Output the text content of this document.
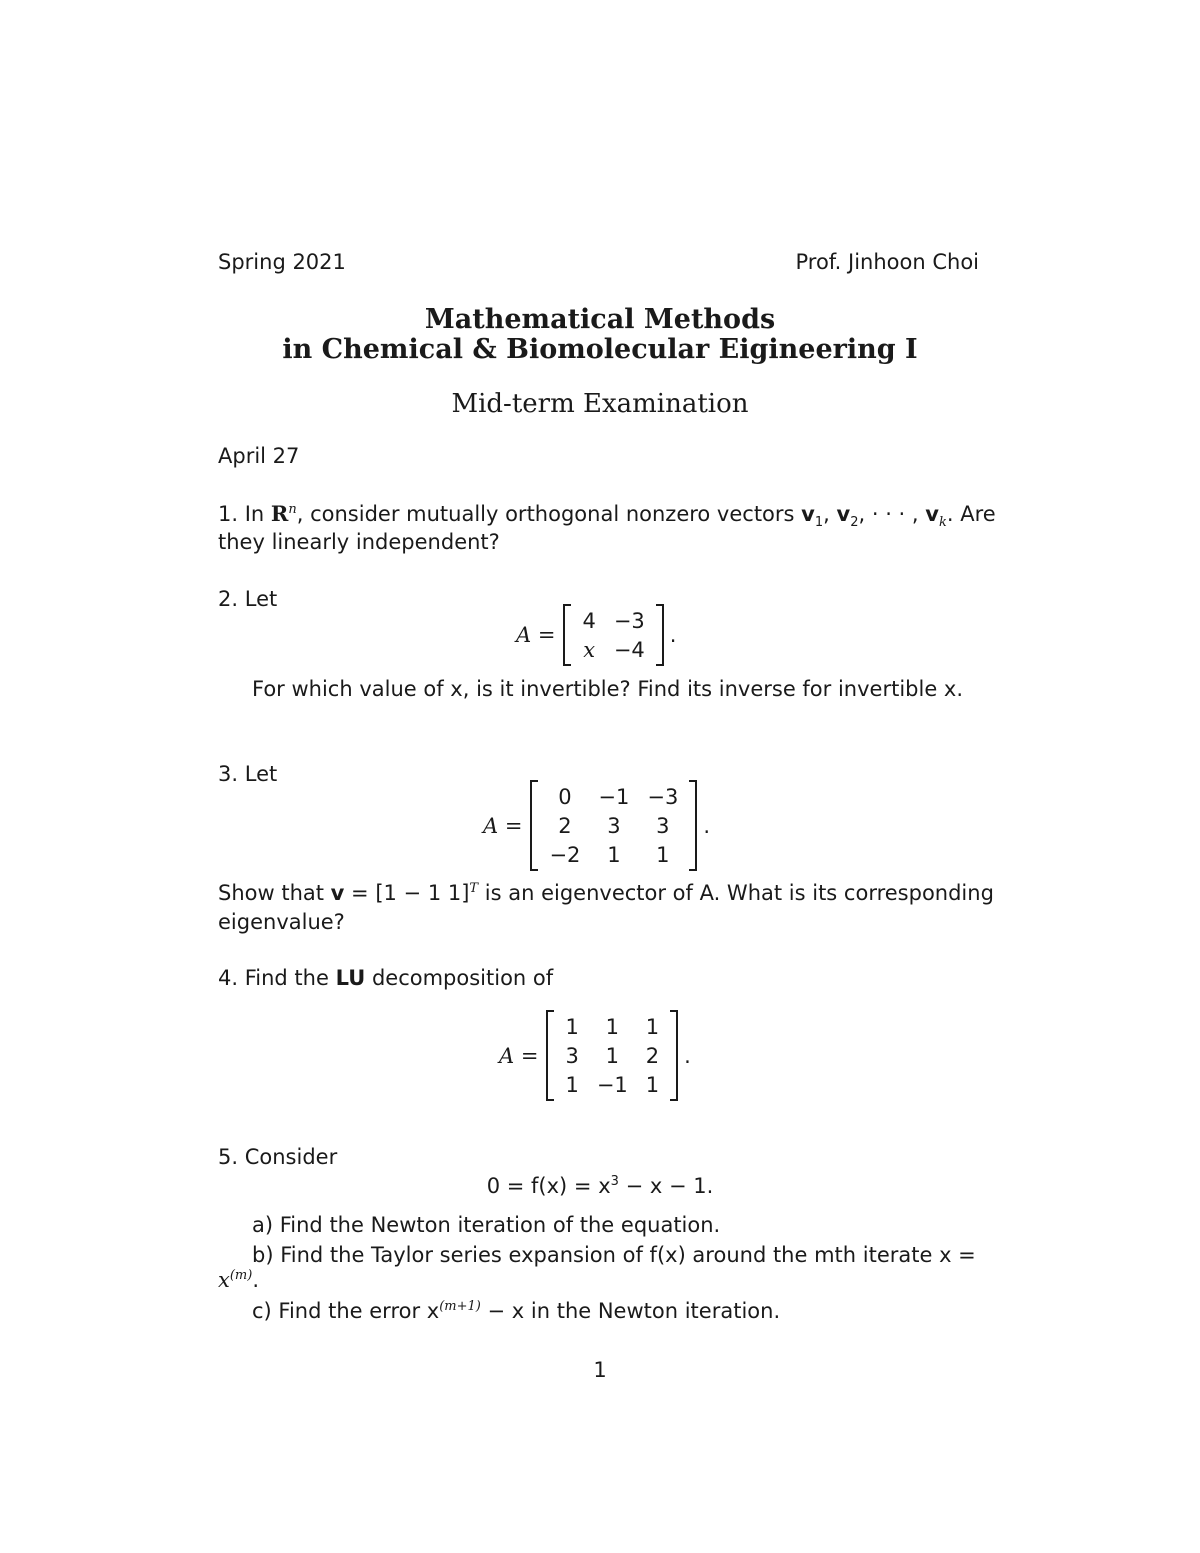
Spring 2021	Prof. Jinhoon Choi
Mathematical Methods
in Chemical & Biomolecular Eigineering I
Mid-term Examination
April 27
1. In $R^n$, consider mutually orthogonal nonzero vectors $v_1$, $v_2$, · · · , $v_k$. Are
they linearly independent?
2. Let
A =
4	−3
x	−4
.
For which value of x, is it invertible? Find its inverse for invertible x.
3. Let
A =
0	−1	−3
2	3	3
−2	1	1
.
Show that v = [1 − 1 1]$^T$ is an eigenvector of A. What is its corresponding
eigenvalue?
4. Find the LU decomposition of
A =
1	1	1
3	1	2
1	−1	1
.
5. Consider
$0 = f(x) = x^3 - x - 1$.
a) Find the Newton iteration of the equation.
b) Find the Taylor series expansion of f(x) around the mth iterate x =
$x^{(m)}$.
c) Find the error $x^{(m+1)} - x$ in the Newton iteration.
1
